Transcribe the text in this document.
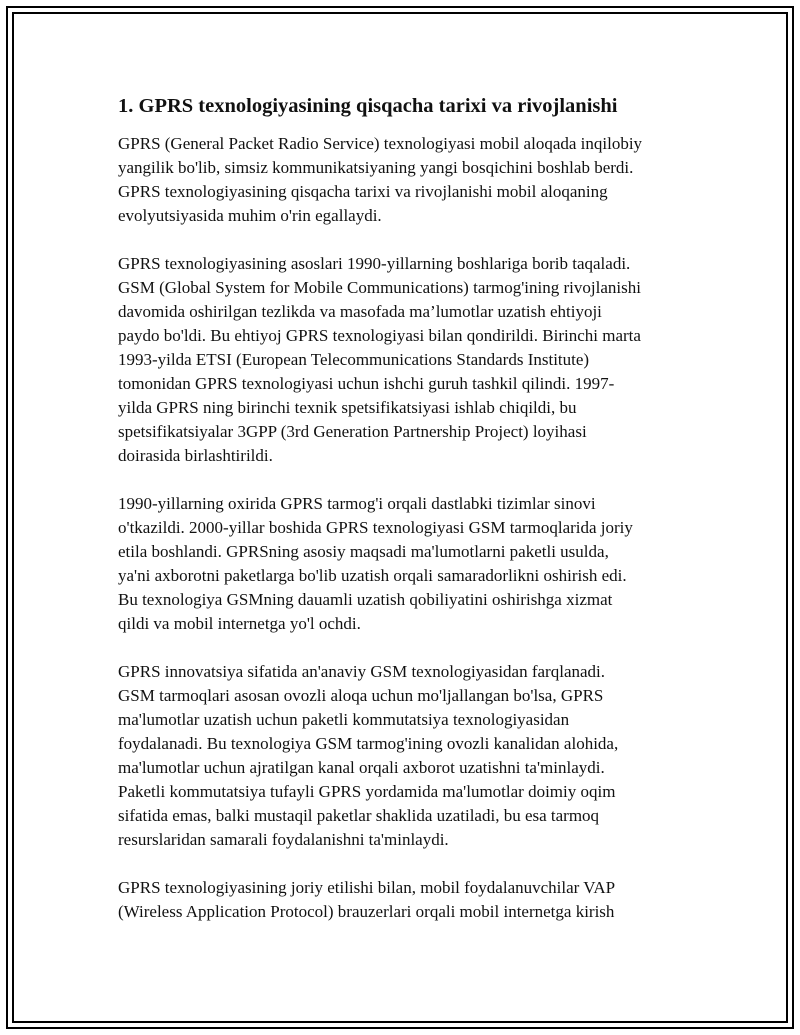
1. GPRS texnologiyasining qisqacha tarixi va rivojlanishi

GPRS (General Packet Radio Service) texnologiyasi mobil aloqada inqilobiy
yangilik bo'lib, simsiz kommunikatsiyaning yangi bosqichini boshlab berdi.
GPRS texnologiyasining qisqacha tarixi va rivojlanishi mobil aloqaning
evolyutsiyasida muhim o'rin egallaydi.

GPRS texnologiyasining asoslari 1990-yillarning boshlariga borib taqaladi.
GSM (Global System for Mobile Communications) tarmog'ining rivojlanishi
davomida oshirilgan tezlikda va masofada ma’lumotlar uzatish ehtiyoji
paydo bo'ldi. Bu ehtiyoj GPRS texnologiyasi bilan qondirildi. Birinchi marta
1993-yilda ETSI (European Telecommunications Standards Institute)
tomonidan GPRS texnologiyasi uchun ishchi guruh tashkil qilindi. 1997-
yilda GPRS ning birinchi texnik spetsifikatsiyasi ishlab chiqildi, bu
spetsifikatsiyalar 3GPP (3rd Generation Partnership Project) loyihasi
doirasida birlashtirildi.

1990-yillarning oxirida GPRS tarmog'i orqali dastlabki tizimlar sinovi
o'tkazildi. 2000-yillar boshida GPRS texnologiyasi GSM tarmoqlarida joriy
etila boshlandi. GPRSning asosiy maqsadi ma'lumotlarni paketli usulda,
ya'ni axborotni paketlarga bo'lib uzatish orqali samaradorlikni oshirish edi.
Bu texnologiya GSMning dauamli uzatish qobiliyatini oshirishga xizmat
qildi va mobil internetga yo'l ochdi.

GPRS innovatsiya sifatida an'anaviy GSM texnologiyasidan farqlanadi.
GSM tarmoqlari asosan ovozli aloqa uchun mo'ljallangan bo'lsa, GPRS
ma'lumotlar uzatish uchun paketli kommutatsiya texnologiyasidan
foydalanadi. Bu texnologiya GSM tarmog'ining ovozli kanalidan alohida,
ma'lumotlar uchun ajratilgan kanal orqali axborot uzatishni ta'minlaydi.
Paketli kommutatsiya tufayli GPRS yordamida ma'lumotlar doimiy oqim
sifatida emas, balki mustaqil paketlar shaklida uzatiladi, bu esa tarmoq
resurslaridan samarali foydalanishni ta'minlaydi.

GPRS texnologiyasining joriy etilishi bilan, mobil foydalanuvchilar VAP
(Wireless Application Protocol) brauzerlari orqali mobil internetga kirish
